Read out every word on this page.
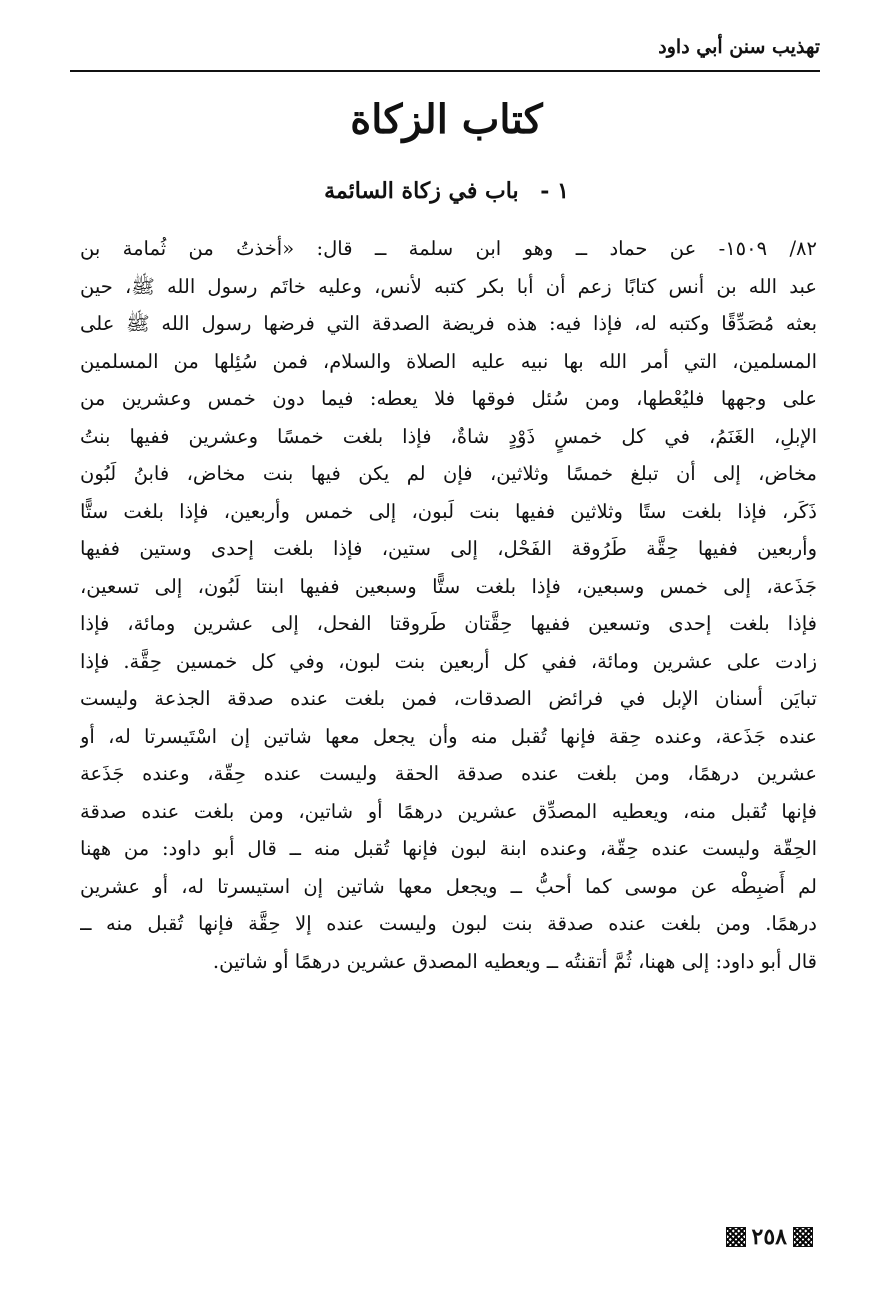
تهذيب سنن أبي داود
كتاب الزكاة
١ - باب في زكاة السائمة
٨٢/ ١٥٠٩- عن حماد ــ وهو ابن سلمة ــ قال: «أخذتُ من ثُمامة بن
عبد الله بن أنس كتابًا زعم أن أبا بكر كتبه لأنس، وعليه خاتَم رسول الله ﷺ، حين
بعثه مُصَدِّقًا وكتبه له، فإذا فيه: هذه فريضة الصدقة التي فرضها رسول الله ﷺ على
المسلمين، التي أمر الله بها نبيه عليه الصلاة والسلام، فمن سُئِلها من المسلمين
على وجهها فليُعْطها، ومن سُئل فوقها فلا يعطه: فيما دون خمس وعشرين من
الإبلِ، الغَنَمُ، في كل خمسٍ ذَوْدٍ شاةٌ، فإذا بلغت خمسًا وعشرين ففيها بنتُ
مخاض، إلى أن تبلغ خمسًا وثلاثين، فإن لم يكن فيها بنت مخاض، فابنُ لَبُون
ذَكَر، فإذا بلغت ستًا وثلاثين ففيها بنت لَبون، إلى خمس وأربعين، فإذا بلغت ستًّا
وأربعين ففيها حِقَّة طَرُوقة الفَحْل، إلى ستين، فإذا بلغت إحدى وستين ففيها
جَذَعة، إلى خمس وسبعين، فإذا بلغت ستًّا وسبعين ففيها ابنتا لَبُون، إلى تسعين،
فإذا بلغت إحدى وتسعين ففيها حِقَّتان طَروقتا الفحل، إلى عشرين ومائة، فإذا
زادت على عشرين ومائة، ففي كل أربعين بنت لبون، وفي كل خمسين حِقَّة. فإذا
تبايَن أسنان الإبل في فرائض الصدقات، فمن بلغت عنده صدقة الجذعة وليست
عنده جَذَعة، وعنده حِقة فإنها تُقبل منه وأن يجعل معها شاتين إن اسْتَيسرتا له، أو
عشرين درهمًا، ومن بلغت عنده صدقة الحقة وليست عنده حِقّة، وعنده جَذَعة
فإنها تُقبل منه، ويعطيه المصدِّق عشرين درهمًا أو شاتين، ومن بلغت عنده صدقة
الحِقّة وليست عنده حِقّة، وعنده ابنة لبون فإنها تُقبل منه ــ قال أبو داود: من ههنا
لم أَضبِطْه عن موسى كما أحبُّ ــ ويجعل معها شاتين إن استيسرتا له، أو عشرين
درهمًا. ومن بلغت عنده صدقة بنت لبون وليست عنده إلا حِقَّة فإنها تُقبل منه ــ
قال أبو داود: إلى ههنا، ثُمَّ أتقنتُه ــ ويعطيه المصدق عشرين درهمًا أو شاتين.
٢٥٨
